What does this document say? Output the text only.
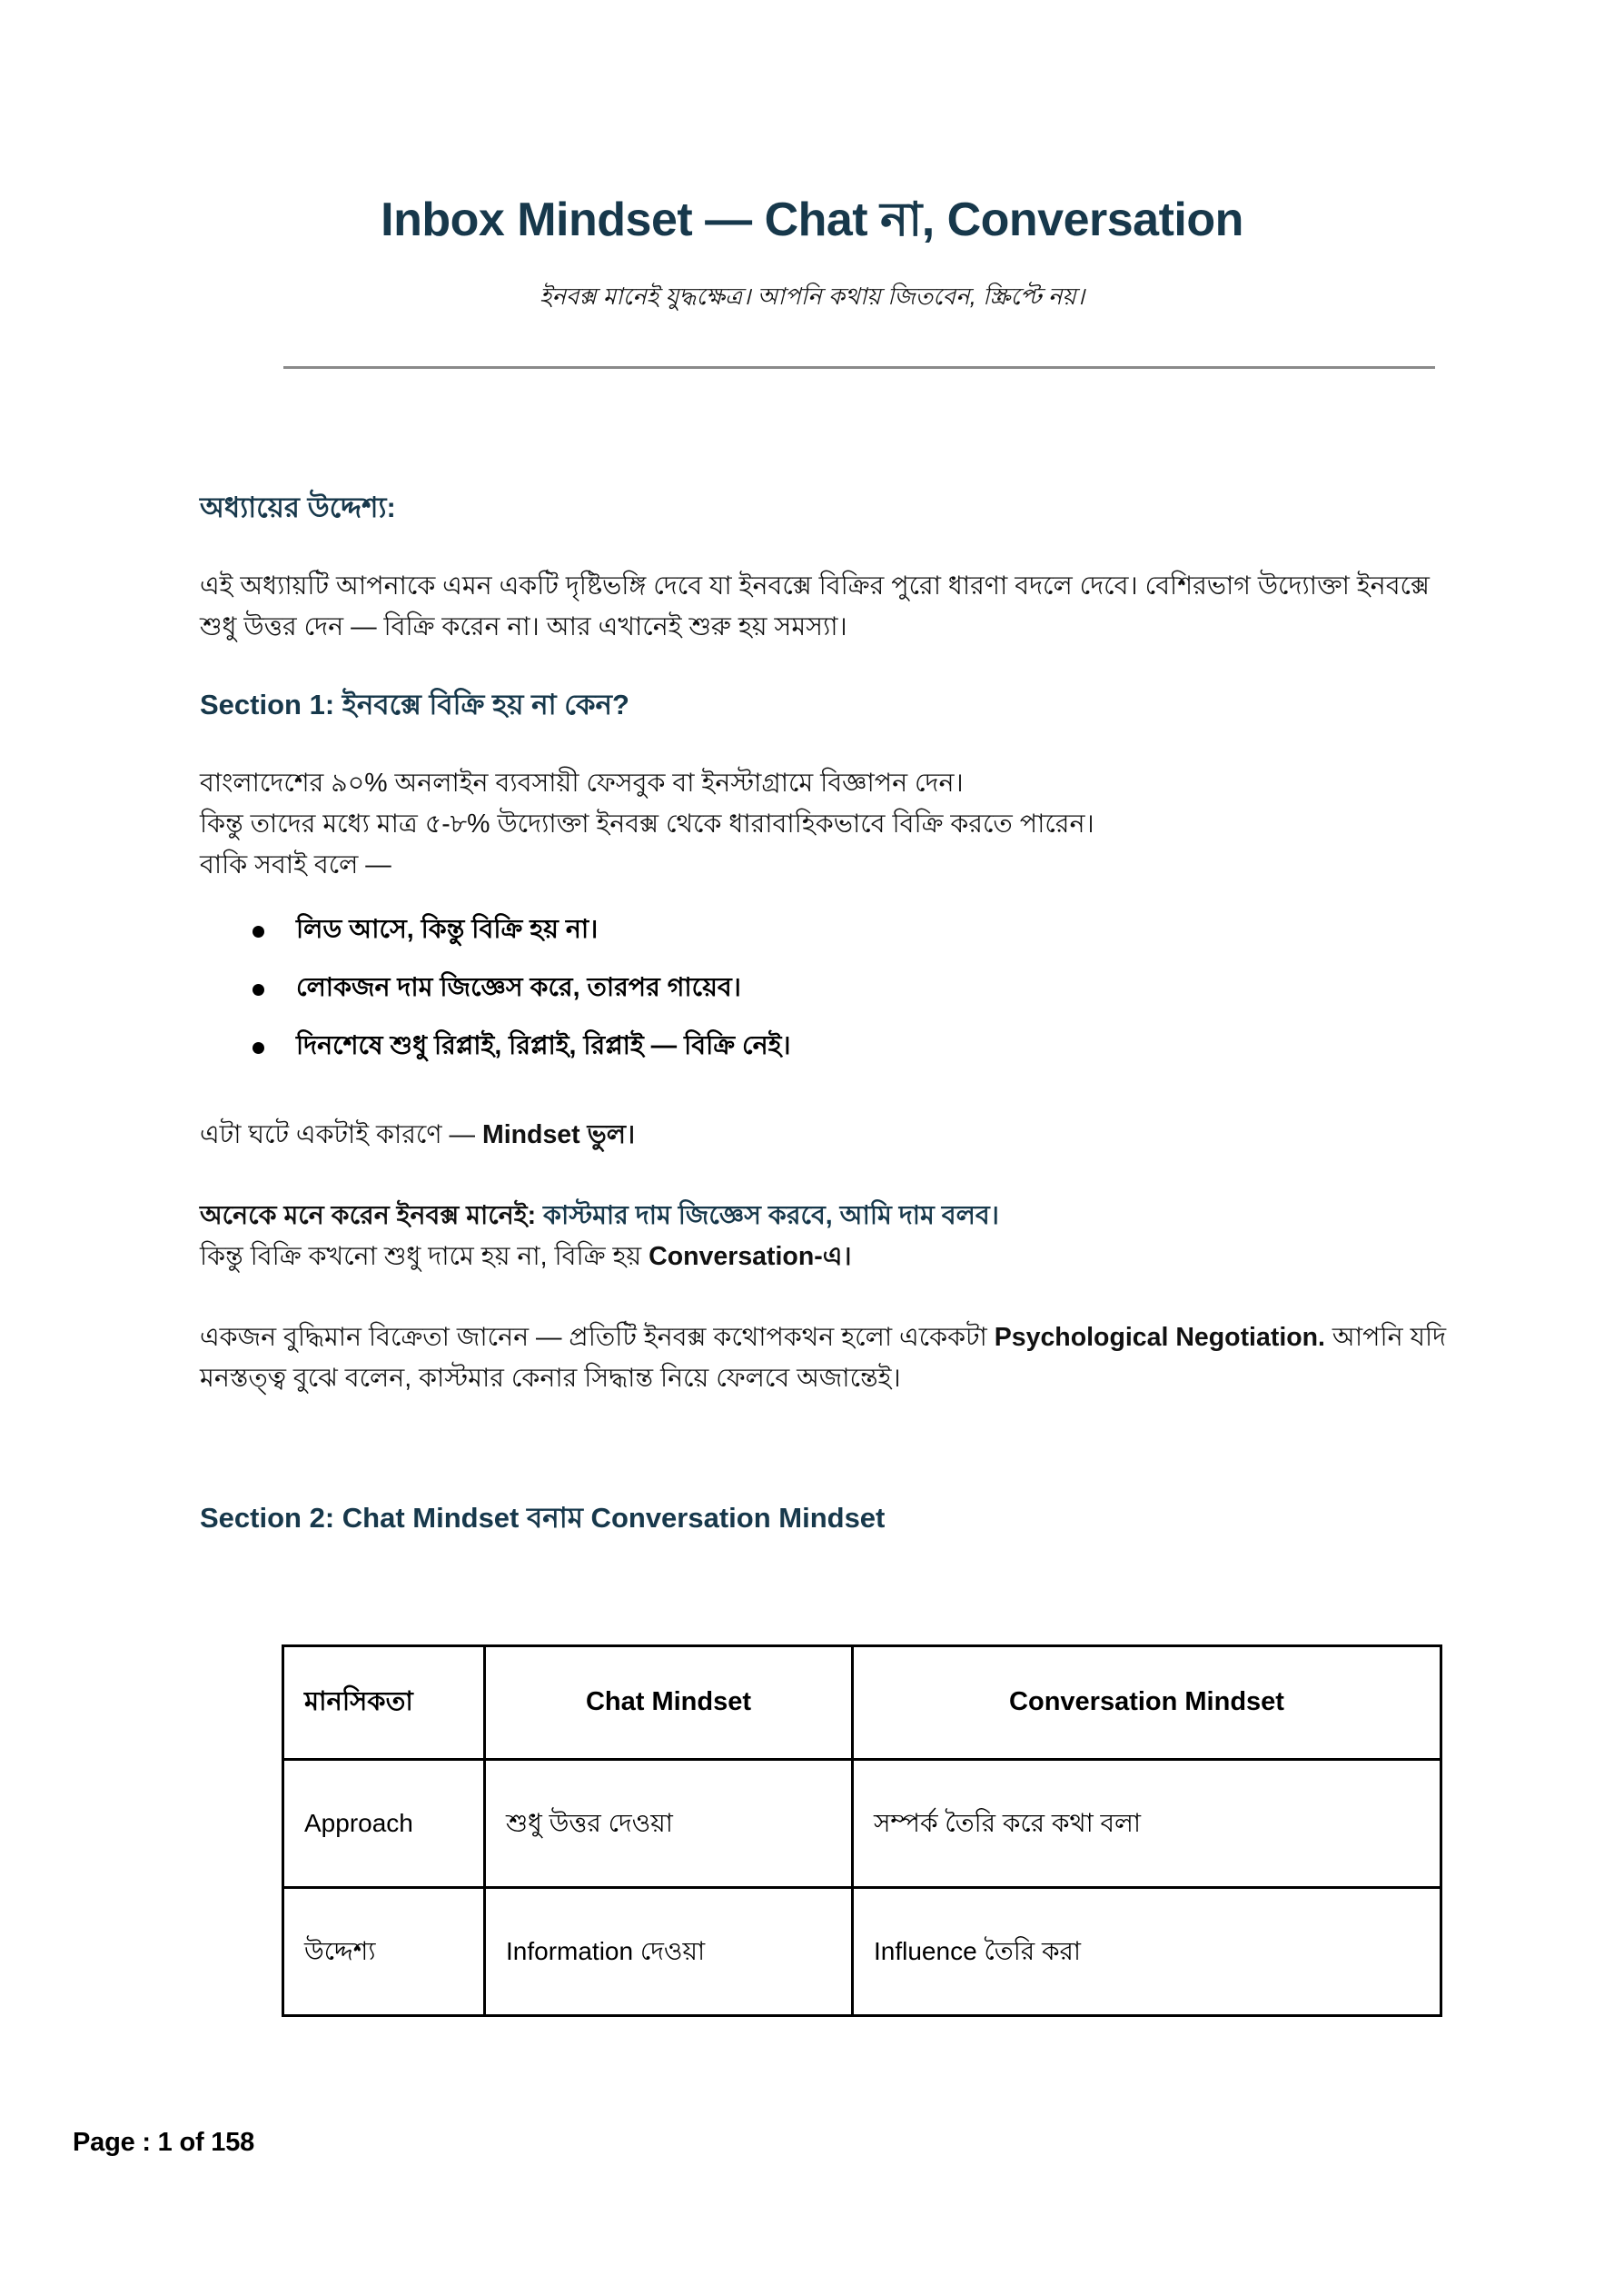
Inbox Mindset — Chat না, Conversation
ইনবক্স মানেই যুদ্ধক্ষেত্র। আপনি কথায় জিতবেন, স্ক্রিপ্টে নয়।
অধ্যায়ের উদ্দেশ্য:
এই অধ্যায়টি আপনাকে এমন একটি দৃষ্টিভঙ্গি দেবে যা ইনবক্সে বিক্রির পুরো ধারণা বদলে দেবে। বেশিরভাগ উদ্যোক্তা ইনবক্সে শুধু উত্তর দেন — বিক্রি করেন না। আর এখানেই শুরু হয় সমস্যা।
Section 1: ইনবক্সে বিক্রি হয় না কেন?
বাংলাদেশের ৯০% অনলাইন ব্যবসায়ী ফেসবুক বা ইনস্টাগ্রামে বিজ্ঞাপন দেন।
কিন্তু তাদের মধ্যে মাত্র ৫-৮% উদ্যোক্তা ইনবক্স থেকে ধারাবাহিকভাবে বিক্রি করতে পারেন।
বাকি সবাই বলে —
লিড আসে, কিন্তু বিক্রি হয় না।
লোকজন দাম জিজ্ঞেস করে, তারপর গায়েব।
দিনশেষে শুধু রিপ্লাই, রিপ্লাই, রিপ্লাই — বিক্রি নেই।
এটা ঘটে একটাই কারণে — Mindset ভুল।
অনেকে মনে করেন ইনবক্স মানেই: কাস্টমার দাম জিজ্ঞেস করবে, আমি দাম বলব।
কিন্তু বিক্রি কখনো শুধু দামে হয় না, বিক্রি হয় Conversation-এ।
একজন বুদ্ধিমান বিক্রেতা জানেন — প্রতিটি ইনবক্স কথোপকথন হলো একেকটা Psychological Negotiation. আপনি যদি মনস্তত্ত্ব বুঝে বলেন, কাস্টমার কেনার সিদ্ধান্ত নিয়ে ফেলবে অজান্তেই।
Section 2: Chat Mindset বনাম Conversation Mindset
মানসিকতা	Chat Mindset	Conversation Mindset
Approach	শুধু উত্তর দেওয়া	সম্পর্ক তৈরি করে কথা বলা
উদ্দেশ্য	Information দেওয়া	Influence তৈরি করা
Page : 1 of 158
